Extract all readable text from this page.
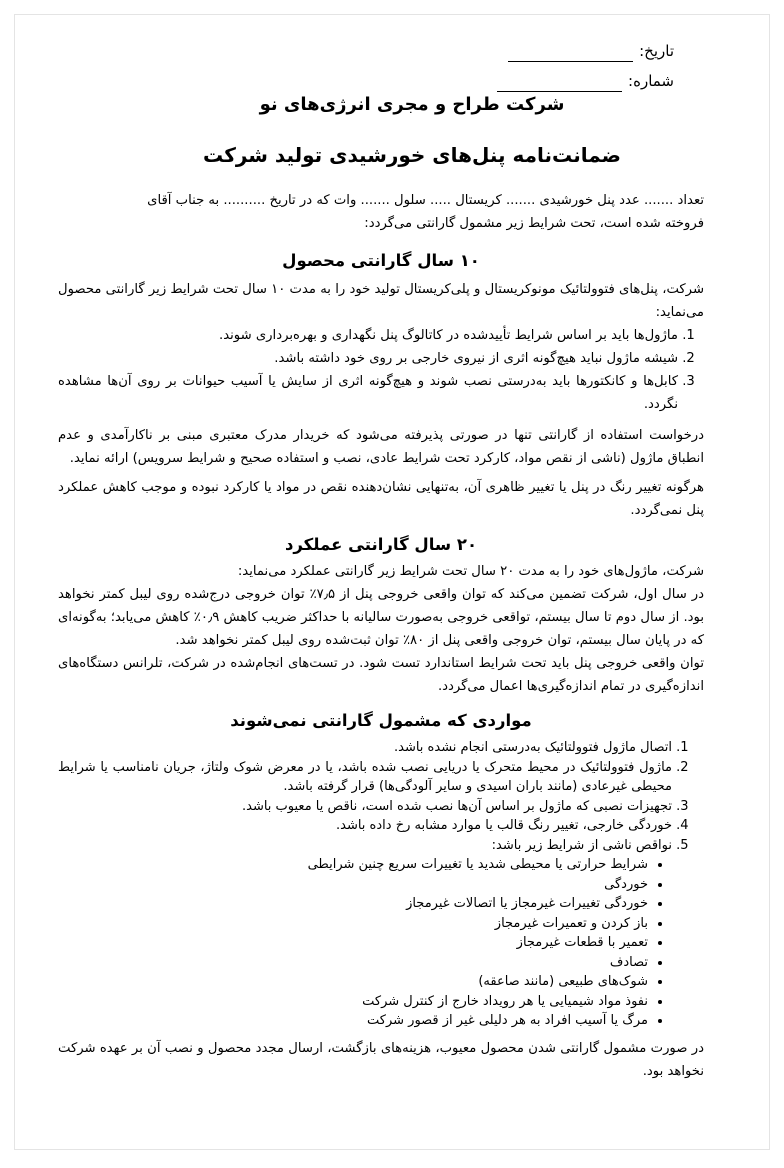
تاریخ:
شماره:
شرکت طراح و مجری انرژی‌های نو
ضمانت‌نامه پنل‌های خورشیدی تولید شرکت

تعداد ....... عدد پنل خورشیدی ....... کریستال ..... سلول ....... وات که در تاریخ .......... به جناب آقای

فروخته شده است، تحت شرایط زیر مشمول گارانتی می‌گردد:

۱۰ سال گارانتی محصول

شرکت، پنل‌های فتوولتائیک مونوکریستال و پلی‌کریستال تولید خود را به مدت ۱۰ سال تحت شرایط زیر گارانتی محصول می‌نماید:

1. ماژول‌ها باید بر اساس شرایط تأییدشده در کاتالوگ پنل نگهداری و بهره‌برداری شوند.
2. شیشه ماژول نباید هیچ‌گونه اثری از نیروی خارجی بر روی خود داشته باشد.
3. کابل‌ها و کانکتورها باید به‌درستی نصب شوند و هیچ‌گونه اثری از سایش یا آسیب حیوانات بر روی آن‌ها مشاهده نگردد.

درخواست استفاده از گارانتی تنها در صورتی پذیرفته می‌شود که خریدار مدرک معتبری مبنی بر ناکارآمدی و عدم انطباق ماژول (ناشی از نقص مواد، کارکرد تحت شرایط عادی، نصب و استفاده صحیح و شرایط سرویس) ارائه نماید.

هرگونه تغییر رنگ در پنل یا تغییر ظاهری آن، به‌تنهایی نشان‌دهنده نقص در مواد یا کارکرد نبوده و موجب کاهش عملکرد پنل نمی‌گردد.

۲۰ سال گارانتی عملکرد

شرکت، ماژول‌های خود را به مدت ۲۰ سال تحت شرایط زیر گارانتی عملکرد می‌نماید:

در سال اول، شرکت تضمین می‌کند که توان واقعی خروجی پنل از ۷٫۵٪ توان خروجی درج‌شده روی لیبل کمتر نخواهد بود. از سال دوم تا سال بیستم، تواقعی خروجی به‌صورت سالیانه با حداکثر ضریب کاهش ۰٫۹٪ کاهش می‌یابد؛ به‌گونه‌ای که در پایان سال بیستم، توان خروجی واقعی پنل از ۸۰٪ توان ثبت‌شده روی لیبل کمتر نخواهد شد.

توان واقعی خروجی پنل باید تحت شرایط استاندارد تست شود. در تست‌های انجام‌شده در شرکت، تلرانس دستگاه‌های اندازه‌گیری در تمام اندازه‌گیری‌ها اعمال می‌گردد.

مواردی که مشمول گارانتی نمی‌شوند

1. اتصال ماژول فتوولتائیک به‌درستی انجام نشده باشد.
2. ماژول فتوولتائیک در محیط متحرک یا دریایی نصب شده باشد، یا در معرض شوک ولتاژ، جریان نامناسب یا شرایط محیطی غیرعادی (مانند باران اسیدی و سایر آلودگی‌ها) قرار گرفته باشد.
3. تجهیزات نصبی که ماژول بر اساس آن‌ها نصب شده است، ناقص یا معیوب باشد.
4. خوردگی خارجی، تغییر رنگ قالب یا موارد مشابه رخ داده باشد.
5. نواقص ناشی از شرایط زیر باشد:
• شرایط حرارتی یا محیطی شدید یا تغییرات سریع چنین شرایطی
• خوردگی
• خوردگی تغییرات غیرمجاز یا اتصالات غیرمجاز
• باز کردن و تعمیرات غیرمجاز
• تعمیر با قطعات غیرمجاز
• تصادف
• شوک‌های طبیعی (مانند صاعقه)
• نفوذ مواد شیمیایی یا هر رویداد خارج از کنترل شرکت
• مرگ یا آسیب افراد به هر دلیلی غیر از قصور شرکت

در صورت مشمول گارانتی شدن محصول معیوب، هزینه‌های بازگشت، ارسال مجدد محصول و نصب آن بر عهده شرکت نخواهد بود.
